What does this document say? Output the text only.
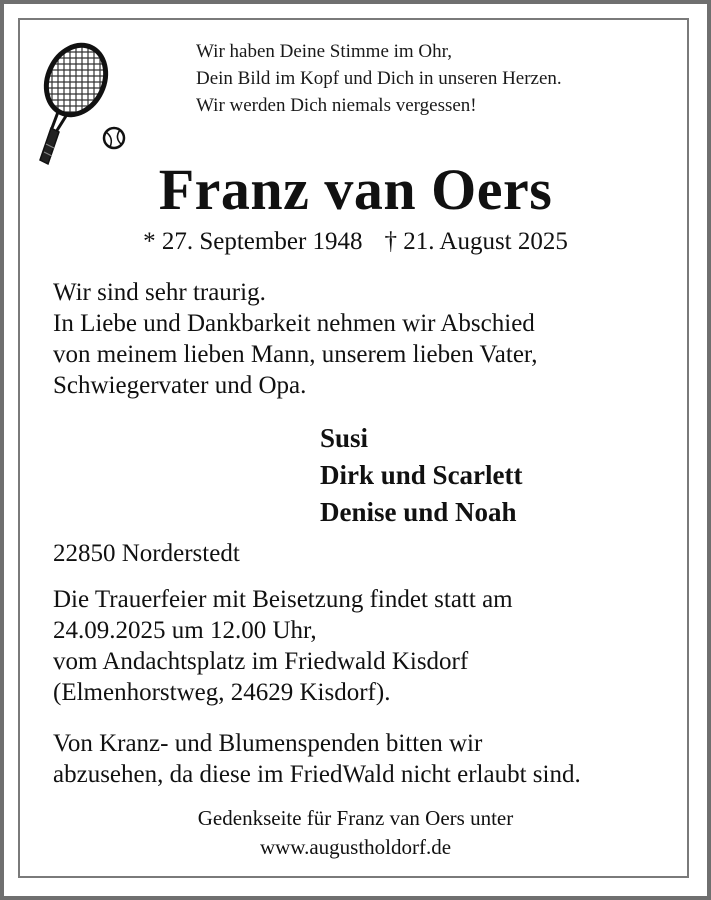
Wir haben Deine Stimme im Ohr,
Dein Bild im Kopf und Dich in unseren Herzen.
Wir werden Dich niemals vergessen!
Franz van Oers
* 27. September 1948 † 21. August 2025
Wir sind sehr traurig.
In Liebe und Dankbarkeit nehmen wir Abschied
von meinem lieben Mann, unserem lieben Vater,
Schwiegervater und Opa.
Susi
Dirk und Scarlett
Denise und Noah
22850 Norderstedt
Die Trauerfeier mit Beisetzung findet statt am
24.09.2025 um 12.00 Uhr,
vom Andachtsplatz im Friedwald Kisdorf
(Elmenhorstweg, 24629 Kisdorf).
Von Kranz- und Blumenspenden bitten wir
abzusehen, da diese im FriedWald nicht erlaubt sind.
Gedenkseite für Franz van Oers unter
www.augustholdorf.de
